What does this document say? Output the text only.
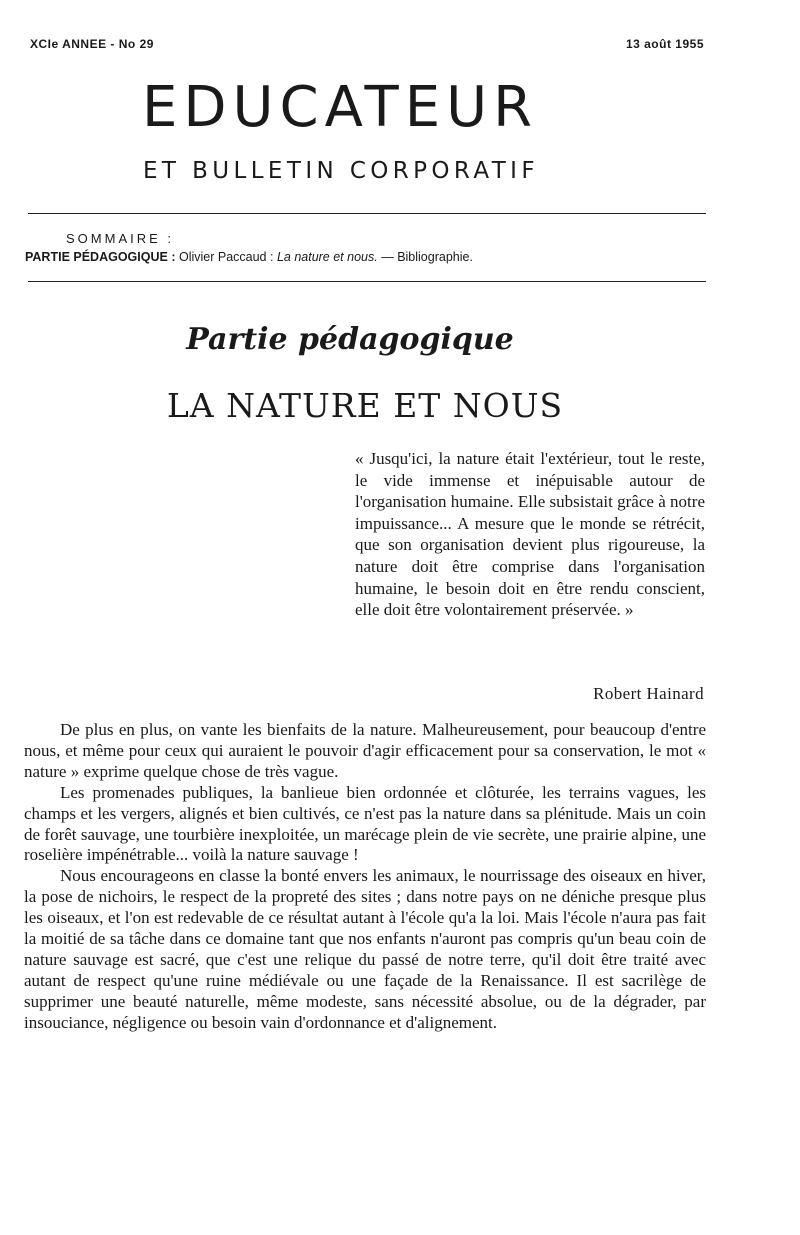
XCIe ANNEE - No 29	13 août 1955
EDUCATEUR
ET BULLETIN CORPORATIF
SOMMAIRE :
PARTIE PÉDAGOGIQUE : Olivier Paccaud : La nature et nous. — Bibliographie.
Partie pédagogique
LA NATURE ET NOUS
« Jusqu'ici, la nature était l'extérieur, tout le reste, le vide immense et inépuisable autour de l'organisation humaine. Elle subsistait grâce à notre impuissance... A mesure que le monde se rétrécit, que son organisation devient plus rigoureuse, la nature doit être comprise dans l'organisation humaine, le besoin doit en être rendu conscient, elle doit être volontairement préservée. »
Robert Hainard

De plus en plus, on vante les bienfaits de la nature. Malheureusement, pour beaucoup d'entre nous, et même pour ceux qui auraient le pouvoir d'agir efficacement pour sa conservation, le mot « nature » exprime quelque chose de très vague.

Les promenades publiques, la banlieue bien ordonnée et clôturée, les terrains vagues, les champs et les vergers, alignés et bien cultivés, ce n'est pas la nature dans sa plénitude. Mais un coin de forêt sauvage, une tourbière inexploitée, un marécage plein de vie secrète, une prairie alpine, une roselière impénétrable... voilà la nature sauvage !

Nous encourageons en classe la bonté envers les animaux, le nourrissage des oiseaux en hiver, la pose de nichoirs, le respect de la propreté des sites ; dans notre pays on ne déniche presque plus les oiseaux, et l'on est redevable de ce résultat autant à l'école qu'a la loi. Mais l'école n'aura pas fait la moitié de sa tâche dans ce domaine tant que nos enfants n'auront pas compris qu'un beau coin de nature sauvage est sacré, que c'est une relique du passé de notre terre, qu'il doit être traité avec autant de respect qu'une ruine médiévale ou une façade de la Renaissance. Il est sacrilège de supprimer une beauté naturelle, même modeste, sans nécessité absolue, ou de la dégrader, par insouciance, négligence ou besoin vain d'ordonnance et d'alignement.
